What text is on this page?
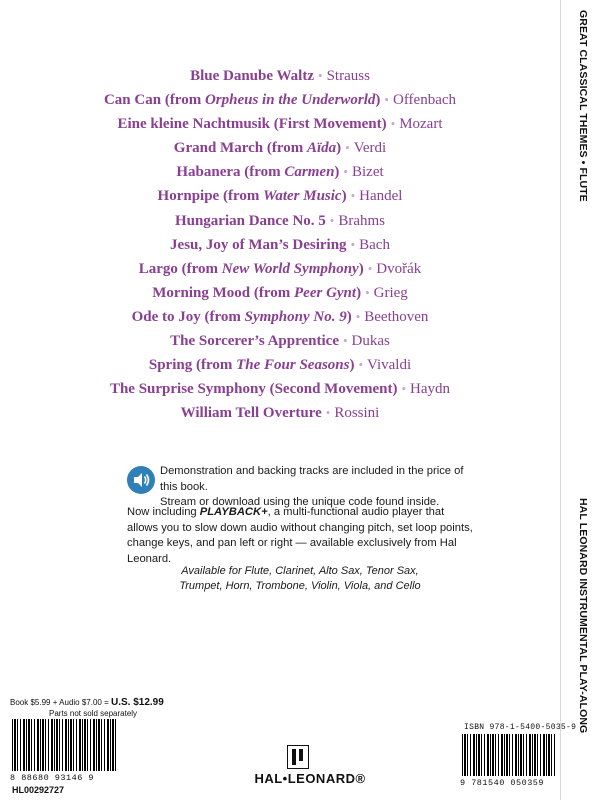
GREAT CLASSICAL THEMES • FLUTE
HAL LEONARD INSTRUMENTAL PLAY-ALONG
Blue Danube Waltz • Strauss
Can Can (from Orpheus in the Underworld) • Offenbach
Eine kleine Nachtmusik (First Movement) • Mozart
Grand March (from Aïda) • Verdi
Habanera (from Carmen) • Bizet
Hornpipe (from Water Music) • Handel
Hungarian Dance No. 5 • Brahms
Jesu, Joy of Man’s Desiring • Bach
Largo (from New World Symphony) • Dvořák
Morning Mood (from Peer Gynt) • Grieg
Ode to Joy (from Symphony No. 9) • Beethoven
The Sorcerer’s Apprentice • Dukas
Spring (from The Four Seasons) • Vivaldi
The Surprise Symphony (Second Movement) • Haydn
William Tell Overture • Rossini
Demonstration and backing tracks are included in the price of this book.
Stream or download using the unique code found inside.
Now including PLAYBACK+, a multi-functional audio player that allows you to slow down audio without changing pitch, set loop points, change keys, and pan left or right — available exclusively from Hal Leonard.
Available for Flute, Clarinet, Alto Sax, Tenor Sax,
Trumpet, Horn, Trombone, Violin, Viola, and Cello
Book $5.99 + Audio $7.00 = U.S. $12.99
Parts not sold separately
8 88680 93146 9
HL00292727
HAL•LEONARD®
ISBN 978-1-5400-5035-9
9 781540 050359
